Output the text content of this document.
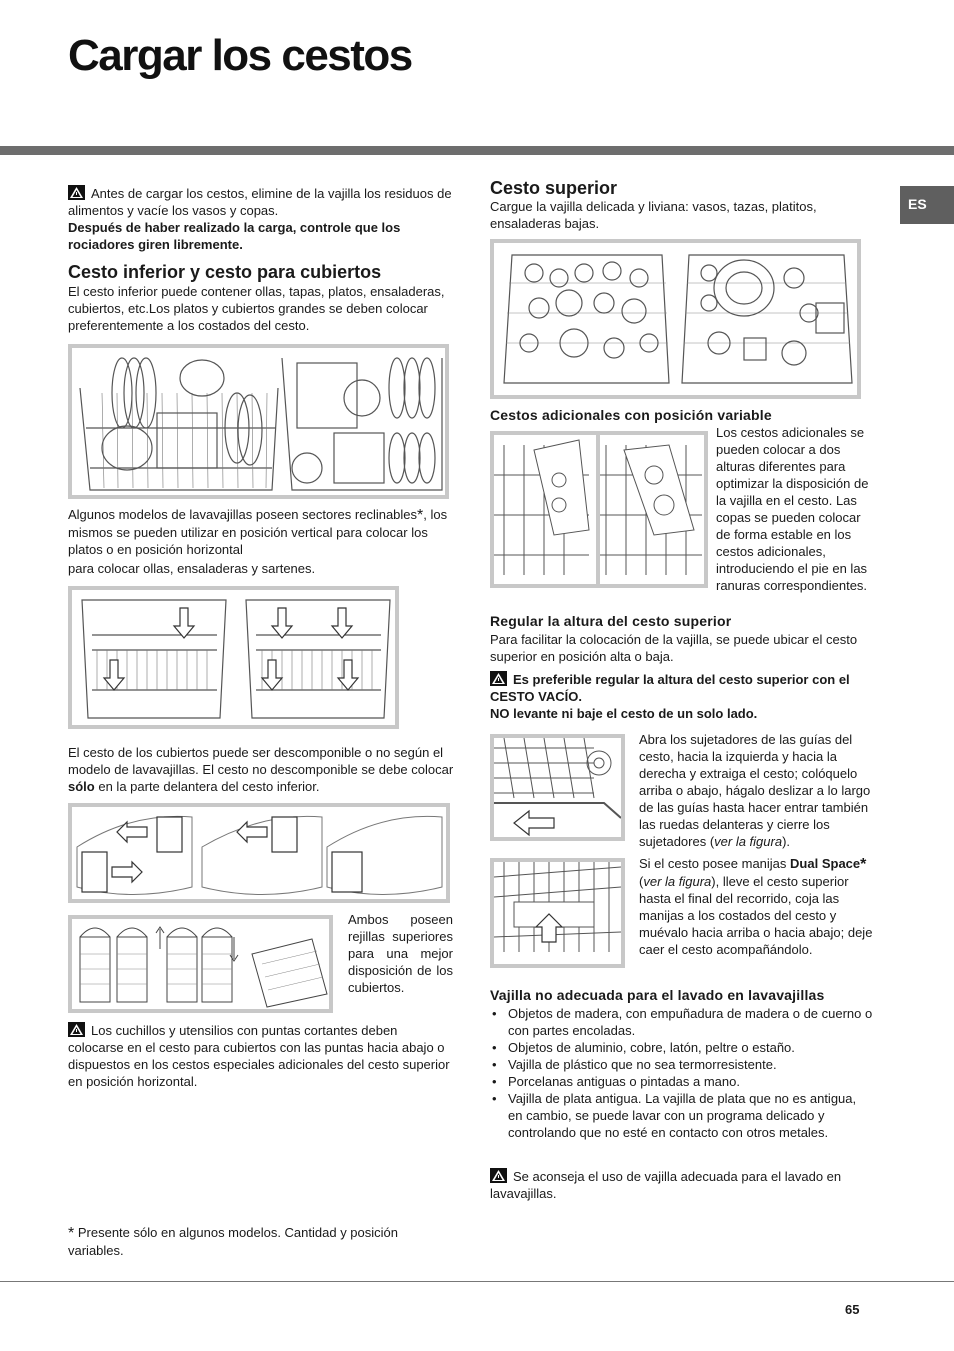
Cargar los cestos
ES

Antes de cargar los cestos, elimine de la vajilla los residuos de alimentos y vacíe los vasos y copas.

Después de haber realizado la carga, controle que los rociadores giren libremente.

Cesto inferior y cesto para cubiertos
El cesto inferior puede contener ollas, tapas, platos, ensaladeras, cubiertos, etc.Los platos y cubiertos grandes se deben colocar preferentemente a los costados del cesto.

Algunos modelos de lavavajillas poseen sectores reclinables*, los mismos se pueden utilizar en posición vertical para colocar los platos o en posición horizontal

para colocar ollas, ensaladeras y sartenes.

El cesto de los cubiertos puede ser descomponible o no según el modelo de lavavajillas. El cesto no descomponible se debe colocar sólo en la parte delantera del cesto inferior.
Ambos poseen rejillas superiores para una mejor disposición de los cubiertos.
Los cuchillos y utensilios con puntas cortantes deben colocarse en el cesto para cubiertos con las puntas hacia abajo o dispuestos en los cestos especiales adicionales del cesto superior en posición horizontal.
* Presente sólo en algunos modelos. Cantidad y posición variables.
Cesto superior
Cargue la vajilla delicada y liviana: vasos, tazas, platitos, ensaladeras bajas.
Cestos adicionales con posición variable
Los cestos adicionales se pueden colocar a dos alturas diferentes para optimizar la disposición de la vajilla en el cesto. Las copas se pueden colocar de forma estable en los cestos adicionales, introduciendo el pie en las ranuras correspondientes.
Regular la altura del cesto superior
Para facilitar la colocación de la vajilla, se puede ubicar el cesto superior en posición alta o baja.

Es preferible regular la altura del cesto superior con el CESTO VACÍO.

NO levante ni baje el cesto de un solo lado.

Abra los sujetadores de las guías del cesto, hacia la izquierda y hacia la derecha y extraiga el cesto; colóquelo arriba o abajo, hágalo deslizar a lo largo de las guías hasta hacer entrar también las ruedas delanteras y cierre los sujetadores (ver la figura).
Si el cesto posee manijas Dual Space*
(ver la figura), lleve el cesto superior hasta el final del recorrido, coja las manijas a los costados del cesto y muévalo hacia arriba o hacia abajo; deje caer el cesto acompañándolo.
Vajilla no adecuada para el lavado en lavavajillas
• Objetos de madera, con empuñadura de madera o de cuerno o con partes encoladas.
• Objetos de aluminio, cobre, latón, peltre o estaño.
• Vajilla de plástico que no sea termorresistente.
• Porcelanas antiguas o pintadas a mano.
• Vajilla de plata antigua. La vajilla de plata que no es antigua, en cambio, se puede lavar con un programa delicado y controlando que no esté en contacto con otros metales.
Se aconseja el uso de vajilla adecuada para el lavado en lavavajillas.
65
